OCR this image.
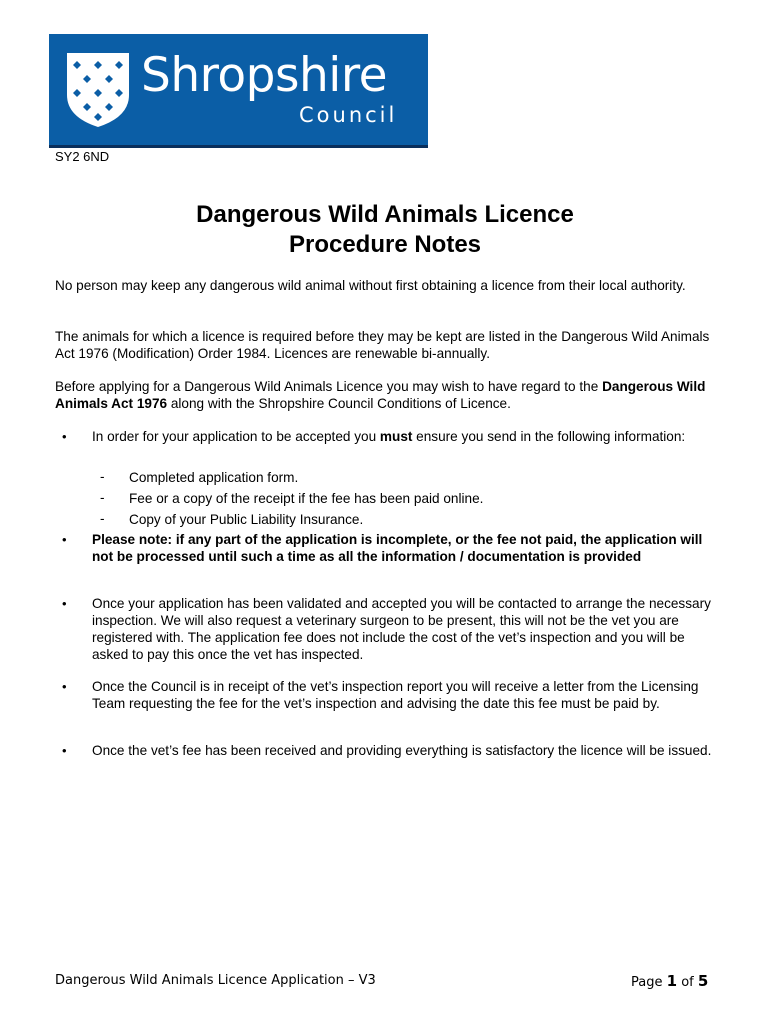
Shropshire
Council
SY2 6ND
Dangerous Wild Animals Licence
Procedure Notes
No person may keep any dangerous wild animal without first obtaining a licence from their local authority.
The animals for which a licence is required before they may be kept are listed in the Dangerous Wild Animals Act 1976 (Modification) Order 1984. Licences are renewable bi-annually.
Before applying for a Dangerous Wild Animals Licence you may wish to have regard to the Dangerous Wild Animals Act 1976 along with the Shropshire Council Conditions of Licence.
• In order for your application to be accepted you must ensure you send in the following information:
- Completed application form.
- Fee or a copy of the receipt if the fee has been paid online.
- Copy of your Public Liability Insurance.
• Please note: if any part of the application is incomplete, or the fee not paid, the application will not be processed until such a time as all the information / documentation is provided
• Once your application has been validated and accepted you will be contacted to arrange the necessary inspection. We will also request a veterinary surgeon to be present, this will not be the vet you are registered with. The application fee does not include the cost of the vet’s inspection and you will be asked to pay this once the vet has inspected.
• Once the Council is in receipt of the vet’s inspection report you will receive a letter from the Licensing Team requesting the fee for the vet’s inspection and advising the date this fee must be paid by.
• Once the vet’s fee has been received and providing everything is satisfactory the licence will be issued.
Dangerous Wild Animals Licence Application – V3	Page 1 of 5
